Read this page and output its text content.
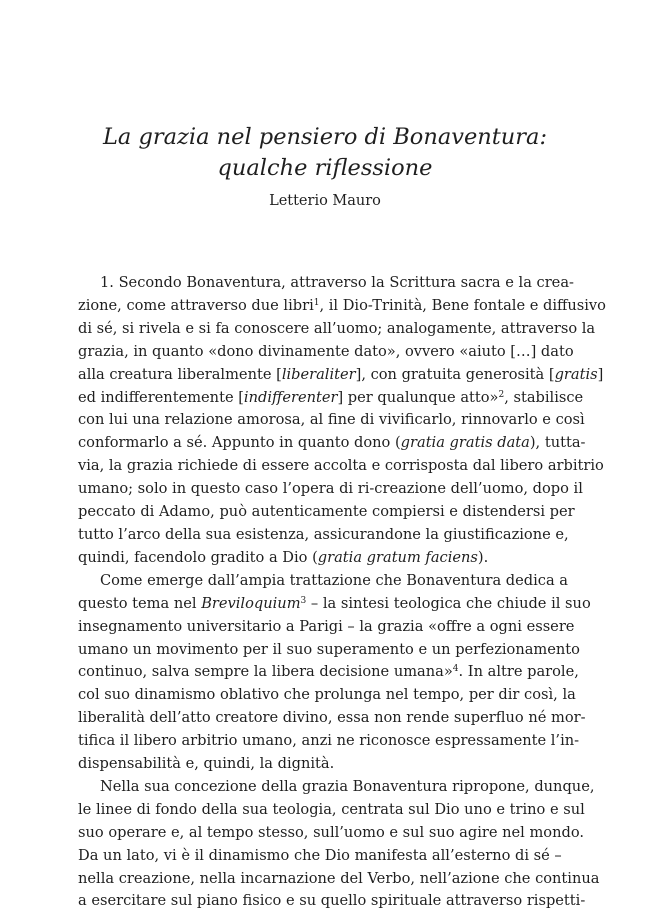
La grazia nel pensiero di Bonaventura:
qualche riflessione
Letterio Mauro
1. Secondo Bonaventura, attraverso la Scrittura sacra e la crea-
zione, come attraverso due libri$^1$, il Dio-Trinità, Bene fontale e diffusivo
di sé, si rivela e si fa conoscere all’uomo; analogamente, attraverso la
grazia, in quanto «dono divinamente dato», ovvero «aiuto […] dato
alla creatura liberalmente [liberaliter], con gratuita generosità [gratis]
ed indifferentemente [indifferenter] per qualunque atto»$^2$, stabilisce
con lui una relazione amorosa, al fine di vivificarlo, rinnovarlo e così
conformarlo a sé. Appunto in quanto dono (gratia gratis data), tutta-
via, la grazia richiede di essere accolta e corrisposta dal libero arbitrio
umano; solo in questo caso l’opera di ri-creazione dell’uomo, dopo il
peccato di Adamo, può autenticamente compiersi e distendersi per
tutto l’arco della sua esistenza, assicurandone la giustificazione e,
quindi, facendolo gradito a Dio (gratia gratum faciens).
Come emerge dall’ampia trattazione che Bonaventura dedica a
questo tema nel Breviloquium$^3$ – la sintesi teologica che chiude il suo
insegnamento universitario a Parigi – la grazia «offre a ogni essere
umano un movimento per il suo superamento e un perfezionamento
continuo, salva sempre la libera decisione umana»$^4$. In altre parole,
col suo dinamismo oblativo che prolunga nel tempo, per dir così, la
liberalità dell’atto creatore divino, essa non rende superfluo né mor-
tifica il libero arbitrio umano, anzi ne riconosce espressamente l’in-
dispensabilità e, quindi, la dignità.
Nella sua concezione della grazia Bonaventura ripropone, dunque,
le linee di fondo della sua teologia, centrata sul Dio uno e trino e sul
suo operare e, al tempo stesso, sull’uomo e sul suo agire nel mondo.
Da un lato, vi è il dinamismo che Dio manifesta all’esterno di sé –
nella creazione, nella incarnazione del Verbo, nell’azione che continua
a esercitare sul piano fisico e su quello spirituale attraverso rispetti-
